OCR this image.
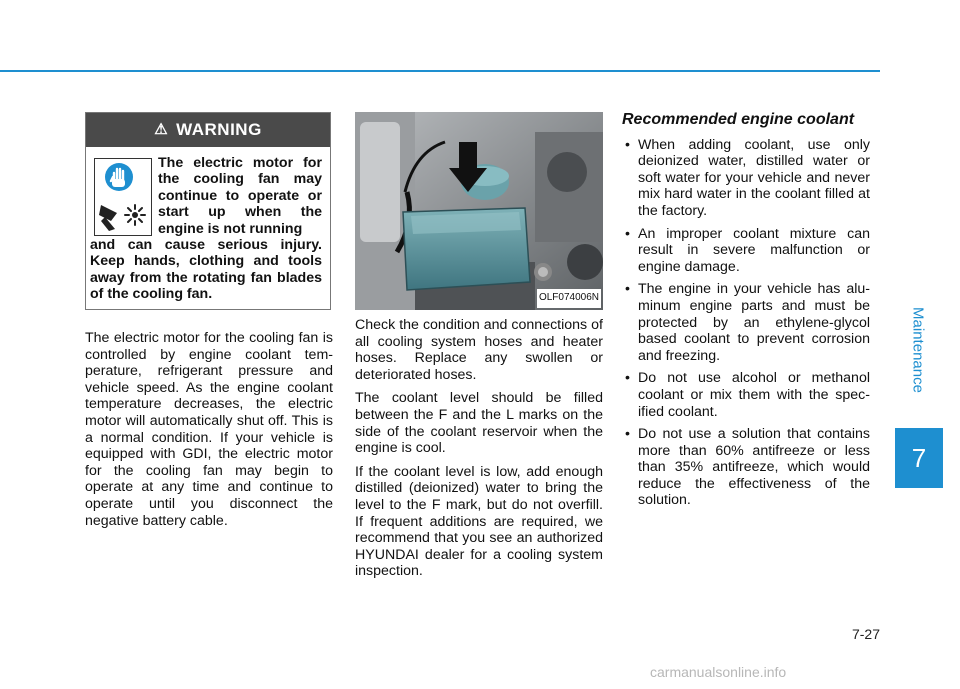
Maintenance
7
⚠ WARNING
The electric motor for the cooling fan may continue to operate or start up when the engine is not running
and can cause serious injury. Keep hands, clothing and tools away from the rotating fan blades of the cooling fan.

The electric motor for the cooling fan is controlled by engine coolant tem-perature, refrigerant pressure and vehicle speed. As the engine coolant temperature decreases, the electric motor will automatically shut off. This is a normal condition. If your vehicle is equipped with GDI, the electric motor for the cooling fan may begin to operate at any time and continue to operate until you disconnect the negative battery cable.

OLF074006N

Check the condition and connections of all cooling system hoses and heater hoses. Replace any swollen or deteriorated hoses.

The coolant level should be filled between the F and the L marks on the side of the coolant reservoir when the engine is cool.

If the coolant level is low, add enough distilled (deionized) water to bring the level to the F mark, but do not overfill. If frequent additions are required, we recommend that you see an authorized HYUNDAI dealer for a cooling system inspection.

Recommended engine coolant
• When adding coolant, use only deionized water, distilled water or soft water for your vehicle and never mix hard water in the coolant filled at the factory.
• An improper coolant mixture can result in severe malfunction or engine damage.
• The engine in your vehicle has alu-minum engine parts and must be protected by an ethylene-glycol based coolant to prevent corrosion and freezing.
• Do not use alcohol or methanol coolant or mix them with the spec-ified coolant.
• Do not use a solution that contains more than 60% antifreeze or less than 35% antifreeze, which would reduce the effectiveness of the solution.
7-27
carmanualsonline.info
